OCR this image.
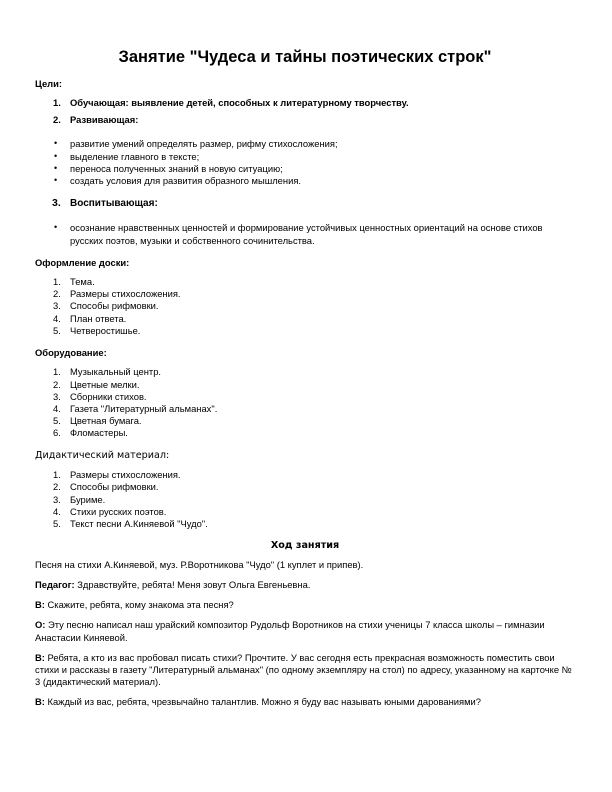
Занятие "Чудеса и тайны поэтических строк"
Цели:
1. Обучающая: выявление детей, способных к литературному творчеству.
2. Развивающая:
• развитие умений определять размер, рифму стихосложения;
• выделение главного в тексте;
• переноса полученных знаний в новую ситуацию;
• создать условия для развития образного мышления.
3. Воспитывающая:
• осознание нравственных ценностей и формирование устойчивых ценностных ориентаций на основе стихов русских поэтов, музыки и собственного сочинительства.
Оформление доски:
1. Тема.
2. Размеры стихосложения.
3. Способы рифмовки.
4. План ответа.
5. Четверостишье.
Оборудование:
1. Музыкальный центр.
2. Цветные мелки.
3. Сборники стихов.
4. Газета "Литературный альманах".
5. Цветная бумага.
6. Фломастеры.
Дидактический материал:
1. Размеры стихосложения.
2. Способы рифмовки.
3. Буриме.
4. Стихи русских поэтов.
5. Текст песни А.Киняевой "Чудо".
Ход занятия

Песня на стихи А.Киняевой, муз. Р.Воротникова "Чудо" (1 куплет и припев).

Педагог: Здравствуйте, ребята! Меня зовут Ольга Евгеньевна.

В: Скажите, ребята, кому знакома эта песня?

О: Эту песню написал наш урайский композитор Рудольф Воротников на стихи ученицы 7 класса школы – гимназии Анастасии Киняевой.

В: Ребята, а кто из вас пробовал писать стихи? Прочтите. У вас сегодня есть прекрасная возможность поместить свои стихи и рассказы в газету "Литературный альманах" (по одному экземпляру на стол) по адресу, указанному на карточке № 3 (дидактический материал).

В: Каждый из вас, ребята, чрезвычайно талантлив. Можно я буду вас называть юными дарованиями?
